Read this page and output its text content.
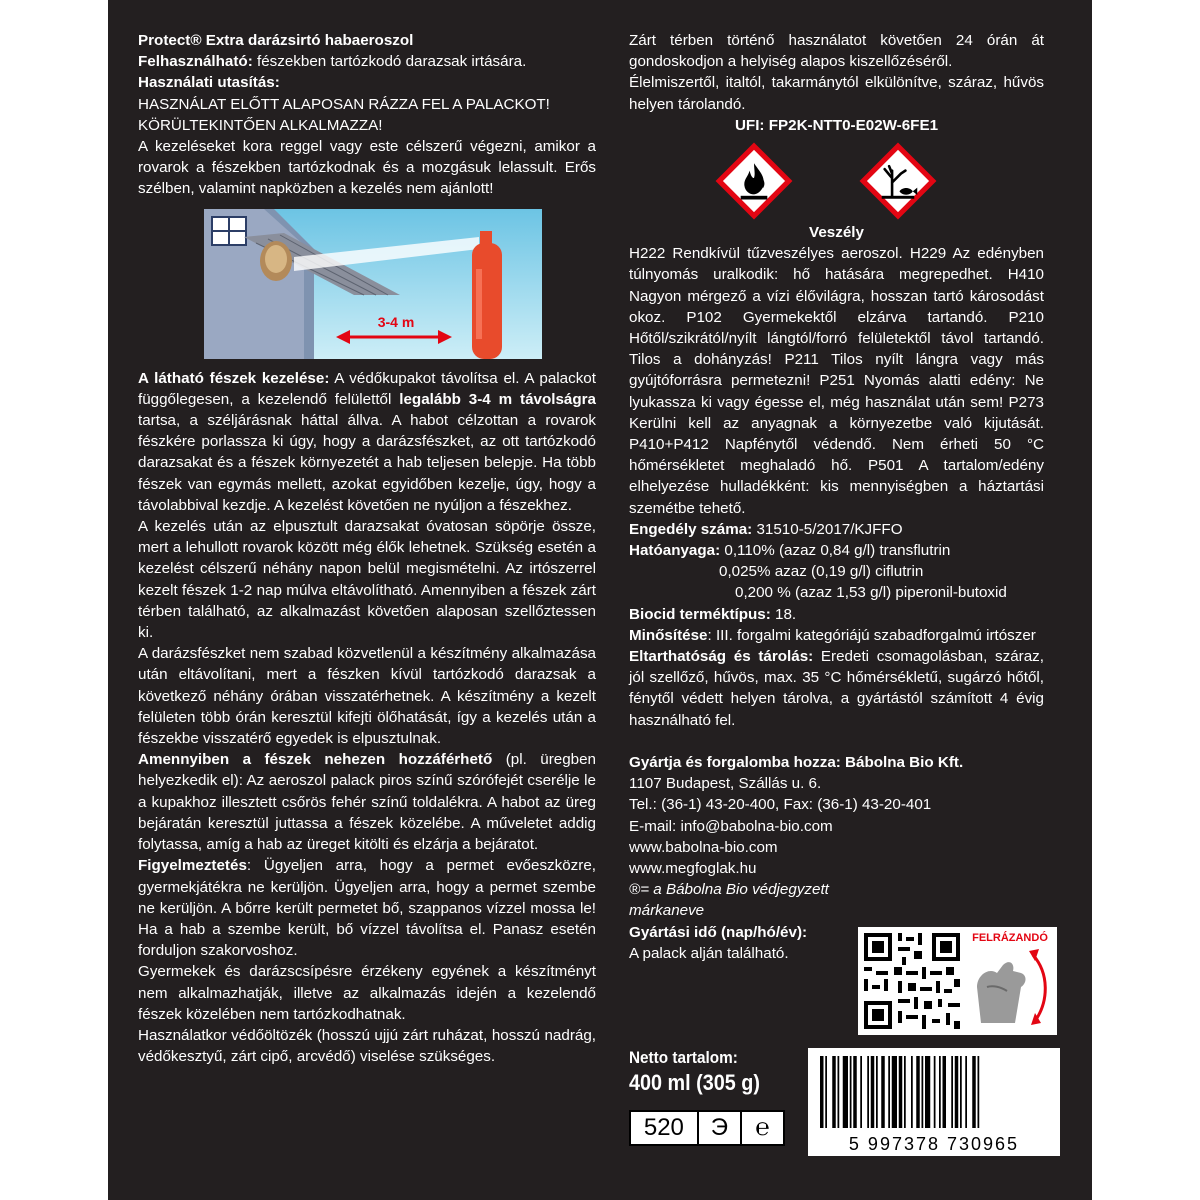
Protect® Extra darázsirtó habaeroszol

Felhasználható: fészekben tartózkodó darazsak irtására.

Használati utasítás:

HASZNÁLAT ELŐTT ALAPOSAN RÁZZA FEL A PALACKOT!

KÖRÜLTEKINTŐEN ALKALMAZZA!

A kezeléseket kora reggel vagy este célszerű végezni, amikor a rovarok a fészekben tartózkodnak és a mozgásuk lelassult. Erős szélben, valamint napközben a kezelés nem ajánlott!

3-4 m

A látható fészek kezelése: A védőkupakot távolítsa el. A palackot függőlegesen, a kezelendő felülettől legalább 3-4 m távolságra tartsa, a széljárásnak háttal állva. A habot célzottan a rovarok fészkére porlassza ki úgy, hogy a darázsfészket, az ott tartózkodó darazsakat és a fészek környezetét a hab teljesen belepje. Ha több fészek van egymás mellett, azokat egyidőben kezelje, úgy, hogy a távolabbival kezdje. A kezelést követően ne nyúljon a fészekhez.

A kezelés után az elpusztult darazsakat óvatosan söpörje össze, mert a lehullott rovarok között még élők lehetnek. Szükség esetén a kezelést célszerű néhány napon belül megismételni. Az irtószerrel kezelt fészek 1-2 nap múlva eltávolítható. Amennyiben a fészek zárt térben található, az alkalmazást követően alaposan szellőztessen ki.

A darázsfészket nem szabad közvetlenül a készítmény alkalmazása után eltávolítani, mert a fészken kívül tartózkodó darazsak a következő néhány órában visszatérhetnek. A készítmény a kezelt felületen több órán keresztül kifejti ölőhatását, így a kezelés után a fészekbe visszatérő egyedek is elpusztulnak.

Amennyiben a fészek nehezen hozzáférhető (pl. üregben helyezkedik el): Az aeroszol palack piros színű szórófejét cserélje le a kupakhoz illesztett csőrös fehér színű toldalékra. A habot az üreg bejáratán keresztül juttassa a fészek közelébe. A műveletet addig folytassa, amíg a hab az üreget kitölti és elzárja a bejáratot.

Figyelmeztetés: Ügyeljen arra, hogy a permet evőeszközre, gyermekjátékra ne kerüljön. Ügyeljen arra, hogy a permet szembe ne kerüljön. A bőrre került permetet bő, szappanos vízzel mossa le! Ha a hab a szembe került, bő vízzel távolítsa el. Panasz esetén forduljon szakorvoshoz.

Gyermekek és darázscsípésre érzékeny egyének a készítményt nem alkalmazhatják, illetve az alkalmazás idején a kezelendő fészek közelében nem tartózkodhatnak.

Használatkor védőöltözék (hosszú ujjú zárt ruházat, hosszú nadrág, védőkesztyű, zárt cipő, arcvédő) viselése szükséges.

Zárt térben történő használatot követően 24 órán át gondoskodjon a helyiség alapos kiszellőzéséről.

Élelmiszertől, italtól, takarmánytól elkülönítve, száraz, hűvös helyen tárolandó.

UFI: FP2K-NTT0-E02W-6FE1

Veszély

H222 Rendkívül tűzveszélyes aeroszol. H229 Az edényben túlnyomás uralkodik: hő hatására megrepedhet. H410 Nagyon mérgező a vízi élővilágra, hosszan tartó károsodást okoz. P102 Gyermekektől elzárva tartandó. P210 Hőtől/szikrától/nyílt lángtól/forró felületektől távol tartandó. Tilos a dohányzás! P211 Tilos nyílt lángra vagy más gyújtóforrásra permetezni! P251 Nyomás alatti edény: Ne lyukassza ki vagy égesse el, még használat után sem! P273 Kerülni kell az anyagnak a környezetbe való kijutását. P410+P412 Napfénytől védendő. Nem érheti 50 °C hőmérsékletet meghaladó hő. P501 A tartalom/edény elhelyezése hulladékként: kis mennyiségben a háztartási szemétbe tehető.

Engedély száma: 31510-5/2017/KJFFO

Hatóanyaga: 0,110% (azaz 0,84 g/l) transflutrin

0,025% azaz (0,19 g/l) ciflutrin

0,200 % (azaz 1,53 g/l) piperonil-butoxid

Biocid terméktípus: 18.

Minősítése: III. forgalmi kategóriájú szabadforgalmú irtószer

Eltarthatóság és tárolás: Eredeti csomagolásban, száraz, jól szellőző, hűvös, max. 35 °C hőmérsékletű, sugárzó hőtől, fénytől védett helyen tárolva, a gyártástól számított 4 évig használható fel.

Gyártja és forgalomba hozza: Bábolna Bio Kft.

1107 Budapest, Szállás u. 6.

Tel.: (36-1) 43-20-400, Fax: (36-1) 43-20-401

E-mail: info@babolna-bio.com

www.babolna-bio.com

www.megfoglak.hu

®= a Bábolna Bio védjegyzett márkaneve

Gyártási idő (nap/hó/év):

A palack alján található.

FELRÁZANDÓ
Netto tartalom:
400 ml (305 g)
520	Э	℮
5 997378 730965
V51040_2020_v01
